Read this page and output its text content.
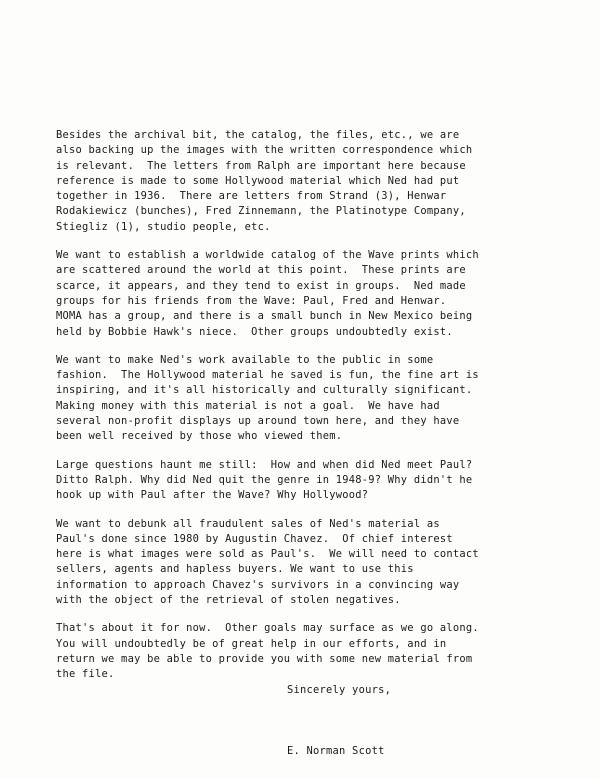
Besides the archival bit, the catalog, the files, etc., we are
also backing up the images with the written correspondence which
is relevant.  The letters from Ralph are important here because
reference is made to some Hollywood material which Ned had put
together in 1936.  There are letters from Strand (3), Henwar
Rodakiewicz (bunches), Fred Zinnemann, the Platinotype Company,
Stiegliz (1), studio people, etc.

We want to establish a worldwide catalog of the Wave prints which
are scattered around the world at this point.  These prints are
scarce, it appears, and they tend to exist in groups.  Ned made
groups for his friends from the Wave: Paul, Fred and Henwar.
MOMA has a group, and there is a small bunch in New Mexico being
held by Bobbie Hawk's niece.  Other groups undoubtedly exist.

We want to make Ned's work available to the public in some
fashion.  The Hollywood material he saved is fun, the fine art is
inspiring, and it's all historically and culturally significant.
Making money with this material is not a goal.  We have had
several non-profit displays up around town here, and they have
been well received by those who viewed them.

Large questions haunt me still:  How and when did Ned meet Paul?
Ditto Ralph. Why did Ned quit the genre in 1948-9? Why didn't he
hook up with Paul after the Wave? Why Hollywood?

We want to debunk all fraudulent sales of Ned's material as
Paul's done since 1980 by Augustin Chavez.  Of chief interest
here is what images were sold as Paul's.  We will need to contact
sellers, agents and hapless buyers. We want to use this
information to approach Chavez's survivors in a convincing way
with the object of the retrieval of stolen negatives.

That's about it for now.  Other goals may surface as we go along.
You will undoubtedly be of great help in our efforts, and in
return we may be able to provide you with some new material from
the file.

Sincerely yours,
E. Norman Scott
